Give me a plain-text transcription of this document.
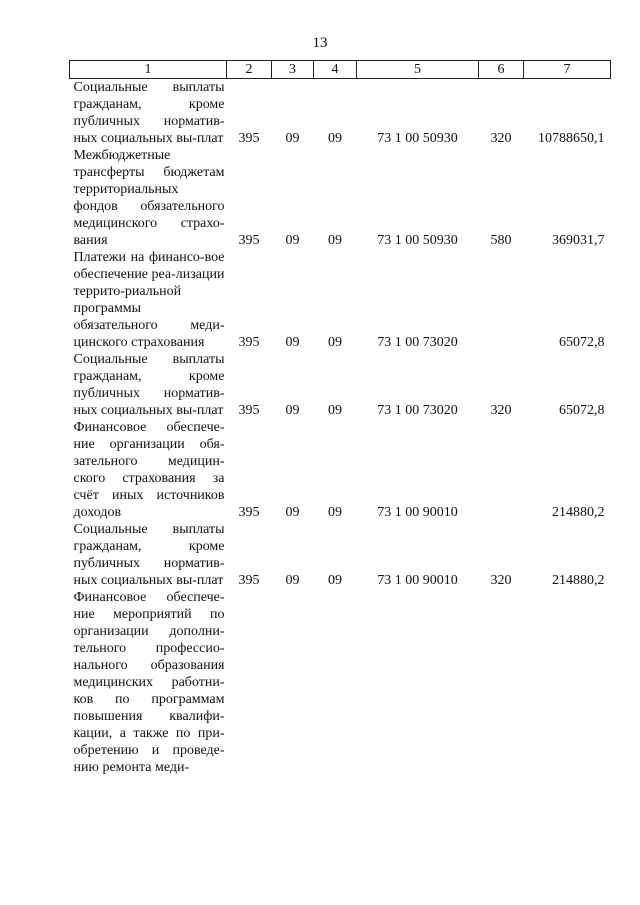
13
1	2	3	4	5	6	7
Социальные выплаты гражданам, кроме публичных норматив-ных социальных вы-плат	395	09	09	73 1 00 50930	320	10788650,1
Межбюджетные трансферты бюджетам территориальных фондов обязательного медицинского страхо-вания	395	09	09	73 1 00 50930	580	369031,7
Платежи на финансо-вое обеспечение реа-лизации террито-риальной программы обязательного меди-цинского страхования	395	09	09	73 1 00 73020		65072,8
Социальные выплаты гражданам, кроме публичных норматив-ных социальных вы-плат	395	09	09	73 1 00 73020	320	65072,8
Финансовое обеспече-ние организации обя-зательного медицин-ского страхования за счёт иных источников доходов	395	09	09	73 1 00 90010		214880,2
Социальные выплаты гражданам, кроме публичных норматив-ных социальных вы-плат	395	09	09	73 1 00 90010	320	214880,2
Финансовое обеспече-ние мероприятий по организации дополни-тельного профессио-нального образования медицинских работни-ков по программам повышения квалифи-кации, а также по при-обретению и проведе-нию ремонта меди-						
